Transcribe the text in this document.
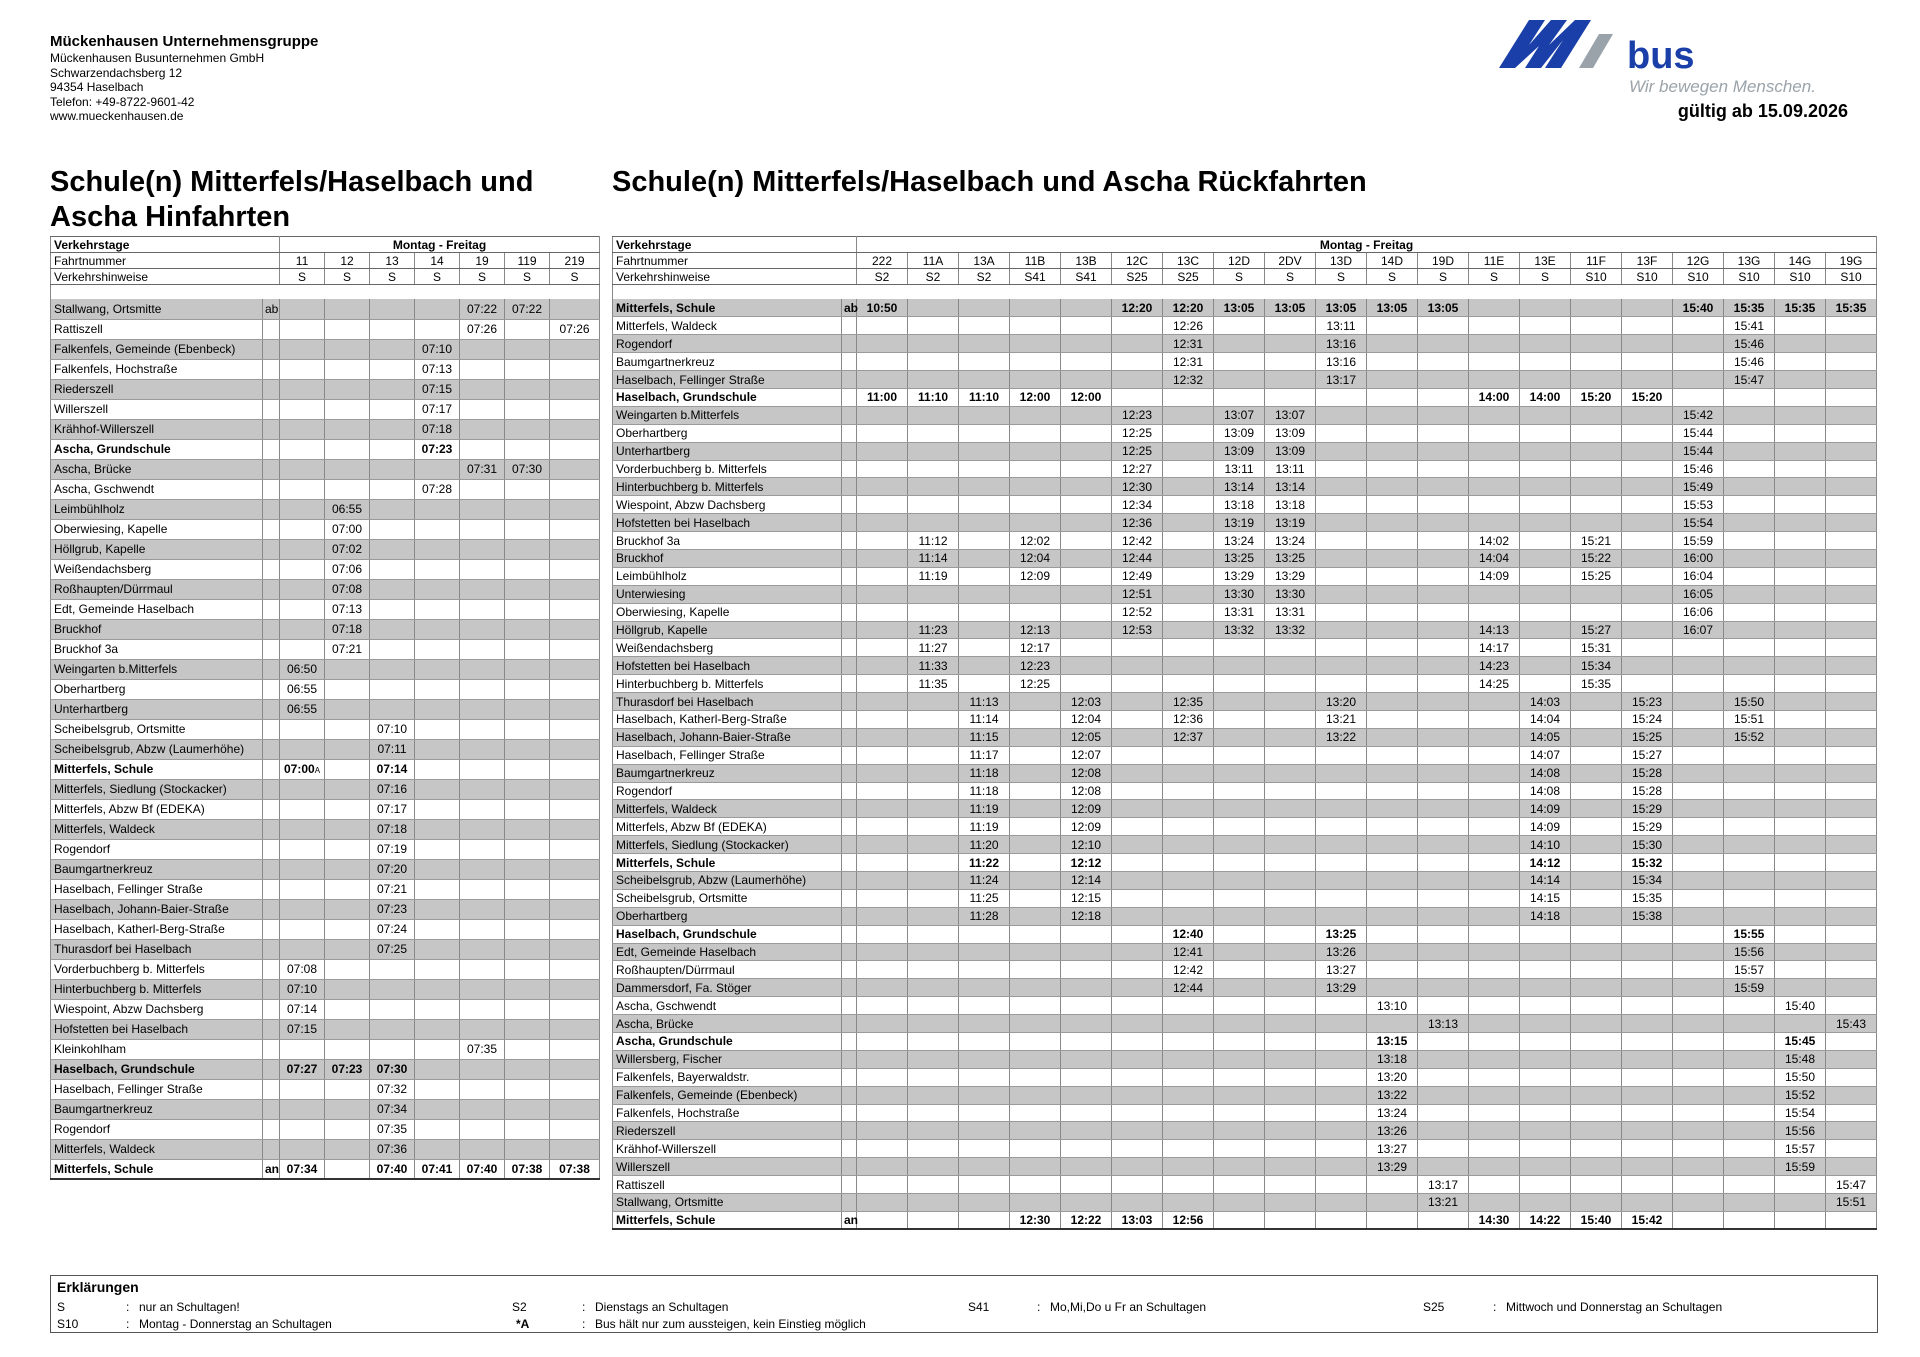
Mückenhausen Unternehmensgruppe
Mückenhausen Busunternehmen GmbH
Schwarzendachsberg 12
94354 Haselbach
Telefon: +49-8722-9601-42
www.mueckenhausen.de
bus
Wir bewegen Menschen.
gültig ab 15.09.2026
Schule(n) Mitterfels/Haselbach und Ascha Hinfahrten
Schule(n) Mitterfels/Haselbach und Ascha Rückfahrten
Verkehrstage		Montag - Freitag						
Fahrtnummer		11	12	13	14	19	119	219
Verkehrshinweise		S	S	S	S	S	S	S

Stallwang, Ortsmitte	ab					07:22	07:22	
Rattiszell						07:26		07:26
Falkenfels, Gemeinde (Ebenbeck)					07:10			
Falkenfels, Hochstraße					07:13			
Riederszell					07:15			
Willerszell					07:17			
Krähhof-Willerszell					07:18			
Ascha, Grundschule					07:23			
Ascha, Brücke						07:31	07:30	
Ascha, Gschwendt					07:28			
Leimbühlholz			06:55					
Oberwiesing, Kapelle			07:00					
Höllgrub, Kapelle			07:02					
Weißendachsberg			07:06					
Roßhaupten/Dürrmaul			07:08					
Edt, Gemeinde Haselbach			07:13					
Bruckhof			07:18					
Bruckhof 3a			07:21					
Weingarten b.Mitterfels		06:50						
Oberhartberg		06:55						
Unterhartberg		06:55						
Scheibelsgrub, Ortsmitte				07:10				
Scheibelsgrub, Abzw (Laumerhöhe)				07:11				
Mitterfels, Schule		07:00A		07:14				
Mitterfels, Siedlung (Stockacker)				07:16				
Mitterfels, Abzw Bf (EDEKA)				07:17				
Mitterfels, Waldeck				07:18				
Rogendorf				07:19				
Baumgartnerkreuz				07:20				
Haselbach, Fellinger Straße				07:21				
Haselbach, Johann-Baier-Straße				07:23				
Haselbach, Katherl-Berg-Straße				07:24				
Thurasdorf bei Haselbach				07:25				
Vorderbuchberg b. Mitterfels		07:08						
Hinterbuchberg b. Mitterfels		07:10						
Wiespoint, Abzw Dachsberg		07:14						
Hofstetten bei Haselbach		07:15						
Kleinkohlham						07:35		
Haselbach, Grundschule		07:27	07:23	07:30				
Haselbach, Fellinger Straße				07:32				
Baumgartnerkreuz				07:34				
Rogendorf				07:35				
Mitterfels, Waldeck				07:36				
Mitterfels, Schule	an	07:34		07:40	07:41	07:40	07:38	07:38
Verkehrstage		Montag - Freitag																			
Fahrtnummer		222	11A	13A	11B	13B	12C	13C	12D	2DV	13D	14D	19D	11E	13E	11F	13F	12G	13G	14G	19G
Verkehrshinweise		S2	S2	S2	S41	S41	S25	S25	S	S	S	S	S	S	S	S10	S10	S10	S10	S10	S10

Mitterfels, Schule	ab	10:50					12:20	12:20	13:05	13:05	13:05	13:05	13:05					15:40	15:35	15:35	15:35
Mitterfels, Waldeck								12:26			13:11								15:41		
Rogendorf								12:31			13:16								15:46		
Baumgartnerkreuz								12:31			13:16								15:46		
Haselbach, Fellinger Straße								12:32			13:17								15:47		
Haselbach, Grundschule		11:00	11:10	11:10	12:00	12:00								14:00	14:00	15:20	15:20				
Weingarten b.Mitterfels							12:23		13:07	13:07								15:42			
Oberhartberg							12:25		13:09	13:09								15:44			
Unterhartberg							12:25		13:09	13:09								15:44			
Vorderbuchberg b. Mitterfels							12:27		13:11	13:11								15:46			
Hinterbuchberg b. Mitterfels							12:30		13:14	13:14								15:49			
Wiespoint, Abzw Dachsberg							12:34		13:18	13:18								15:53			
Hofstetten bei Haselbach							12:36		13:19	13:19								15:54			
Bruckhof 3a			11:12		12:02		12:42		13:24	13:24				14:02		15:21		15:59			
Bruckhof			11:14		12:04		12:44		13:25	13:25				14:04		15:22		16:00			
Leimbühlholz			11:19		12:09		12:49		13:29	13:29				14:09		15:25		16:04			
Unterwiesing							12:51		13:30	13:30								16:05			
Oberwiesing, Kapelle							12:52		13:31	13:31								16:06			
Höllgrub, Kapelle			11:23		12:13		12:53		13:32	13:32				14:13		15:27		16:07			
Weißendachsberg			11:27		12:17									14:17		15:31					
Hofstetten bei Haselbach			11:33		12:23									14:23		15:34					
Hinterbuchberg b. Mitterfels			11:35		12:25									14:25		15:35					
Thurasdorf bei Haselbach				11:13		12:03		12:35			13:20				14:03		15:23		15:50		
Haselbach, Katherl-Berg-Straße				11:14		12:04		12:36			13:21				14:04		15:24		15:51		
Haselbach, Johann-Baier-Straße				11:15		12:05		12:37			13:22				14:05		15:25		15:52		
Haselbach, Fellinger Straße				11:17		12:07									14:07		15:27				
Baumgartnerkreuz				11:18		12:08									14:08		15:28				
Rogendorf				11:18		12:08									14:08		15:28				
Mitterfels, Waldeck				11:19		12:09									14:09		15:29				
Mitterfels, Abzw Bf (EDEKA)				11:19		12:09									14:09		15:29				
Mitterfels, Siedlung (Stockacker)				11:20		12:10									14:10		15:30				
Mitterfels, Schule				11:22		12:12									14:12		15:32				
Scheibelsgrub, Abzw (Laumerhöhe)				11:24		12:14									14:14		15:34				
Scheibelsgrub, Ortsmitte				11:25		12:15									14:15		15:35				
Oberhartberg				11:28		12:18									14:18		15:38				
Haselbach, Grundschule								12:40			13:25								15:55		
Edt, Gemeinde Haselbach								12:41			13:26								15:56		
Roßhaupten/Dürrmaul								12:42			13:27								15:57		
Dammersdorf, Fa. Stöger								12:44			13:29								15:59		
Ascha, Gschwendt												13:10								15:40	
Ascha, Brücke													13:13								15:43
Ascha, Grundschule												13:15								15:45	
Willersberg, Fischer												13:18								15:48	
Falkenfels, Bayerwaldstr.												13:20								15:50	
Falkenfels, Gemeinde (Ebenbeck)												13:22								15:52	
Falkenfels, Hochstraße												13:24								15:54	
Riederszell												13:26								15:56	
Krähhof-Willerszell												13:27								15:57	
Willerszell												13:29								15:59	
Rattiszell													13:17								15:47
Stallwang, Ortsmitte													13:21								15:51
Mitterfels, Schule	an				12:30	12:22	13:03	12:56						14:30	14:22	15:40	15:42				
Erklärungen
S	: nur an Schultagen!	S2	: Dienstags an Schultagen	S41	: Mo,Mi,Do u Fr an Schultagen	S25	: Mittwoch und Donnerstag an Schultagen
S10	: Montag - Donnerstag an Schultagen	*A	: Bus hält nur zum aussteigen, kein Einstieg möglich
